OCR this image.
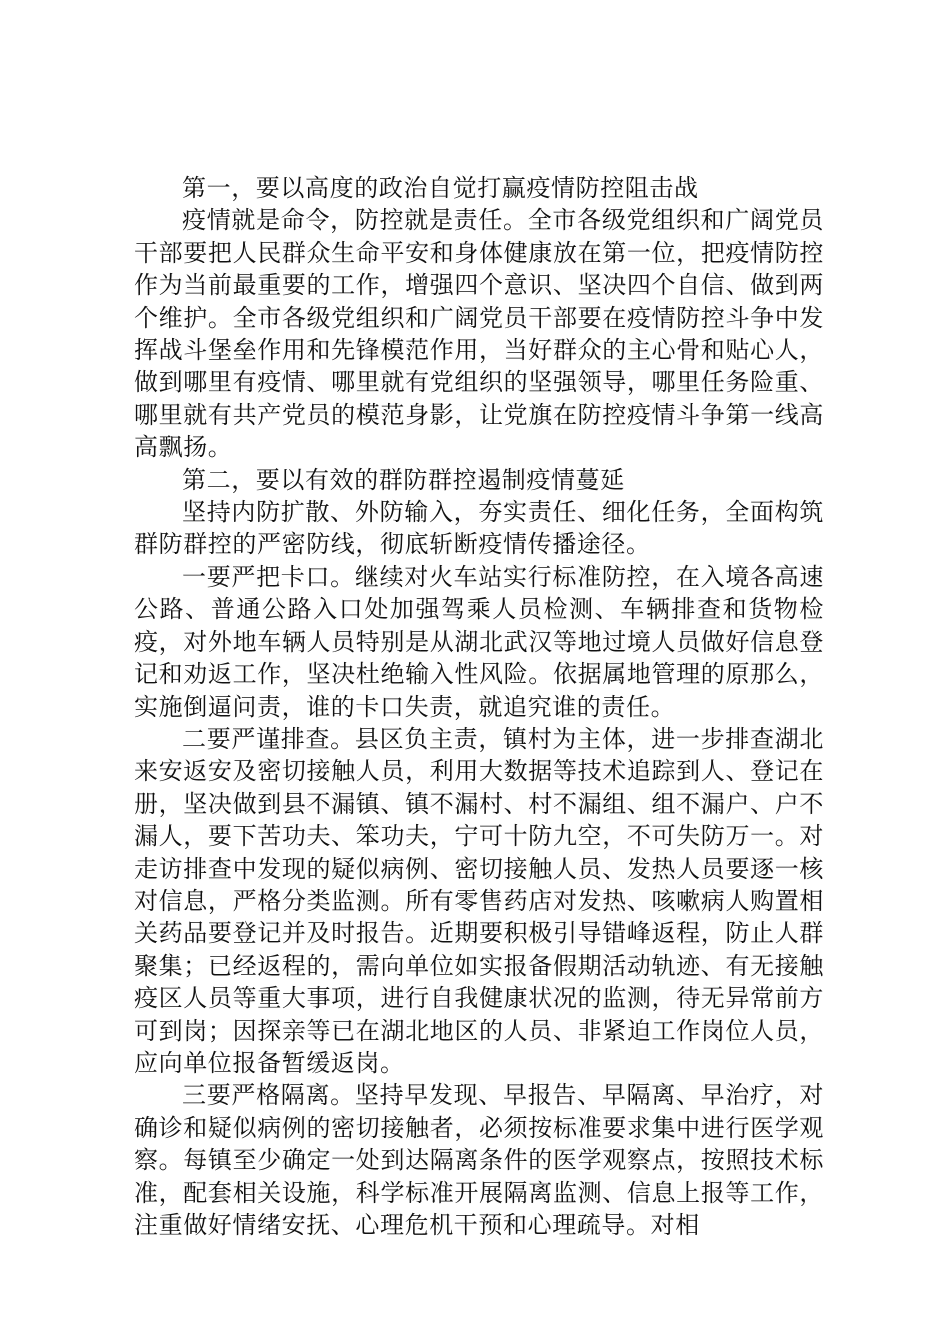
第一，要以高度的政治自觉打赢疫情防控阻击战

疫情就是命令，防控就是责任。全市各级党组织和广阔党员干部要把人民群众生命平安和身体健康放在第一位，把疫情防控作为当前最重要的工作，增强四个意识、坚决四个自信、做到两个维护。全市各级党组织和广阔党员干部要在疫情防控斗争中发挥战斗堡垒作用和先锋模范作用，当好群众的主心骨和贴心人，做到哪里有疫情、哪里就有党组织的坚强领导，哪里任务险重、哪里就有共产党员的模范身影，让党旗在防控疫情斗争第一线高高飘扬。

第二，要以有效的群防群控遏制疫情蔓延

坚持内防扩散、外防输入，夯实责任、细化任务，全面构筑群防群控的严密防线，彻底斩断疫情传播途径。

一要严把卡口。继续对火车站实行标准防控，在入境各高速公路、普通公路入口处加强驾乘人员检测、车辆排查和货物检疫，对外地车辆人员特别是从湖北武汉等地过境人员做好信息登记和劝返工作，坚决杜绝输入性风险。依据属地管理的原那么，实施倒逼问责，谁的卡口失责，就追究谁的责任。

二要严谨排查。县区负主责，镇村为主体，进一步排查湖北来安返安及密切接触人员，利用大数据等技术追踪到人、登记在册，坚决做到县不漏镇、镇不漏村、村不漏组、组不漏户、户不漏人，要下苦功夫、笨功夫，宁可十防九空，不可失防万一。对走访排查中发现的疑似病例、密切接触人员、发热人员要逐一核对信息，严格分类监测。所有零售药店对发热、咳嗽病人购置相关药品要登记并及时报告。近期要积极引导错峰返程，防止人群聚集；已经返程的，需向单位如实报备假期活动轨迹、有无接触疫区人员等重大事项，进行自我健康状况的监测，待无异常前方可到岗；因探亲等已在湖北地区的人员、非紧迫工作岗位人员，应向单位报备暂缓返岗。

三要严格隔离。坚持早发现、早报告、早隔离、早治疗，对确诊和疑似病例的密切接触者，必须按标准要求集中进行医学观察。每镇至少确定一处到达隔离条件的医学观察点，按照技术标准，配套相关设施，科学标准开展隔离监测、信息上报等工作，注重做好情绪安抚、心理危机干预和心理疏导。对相
